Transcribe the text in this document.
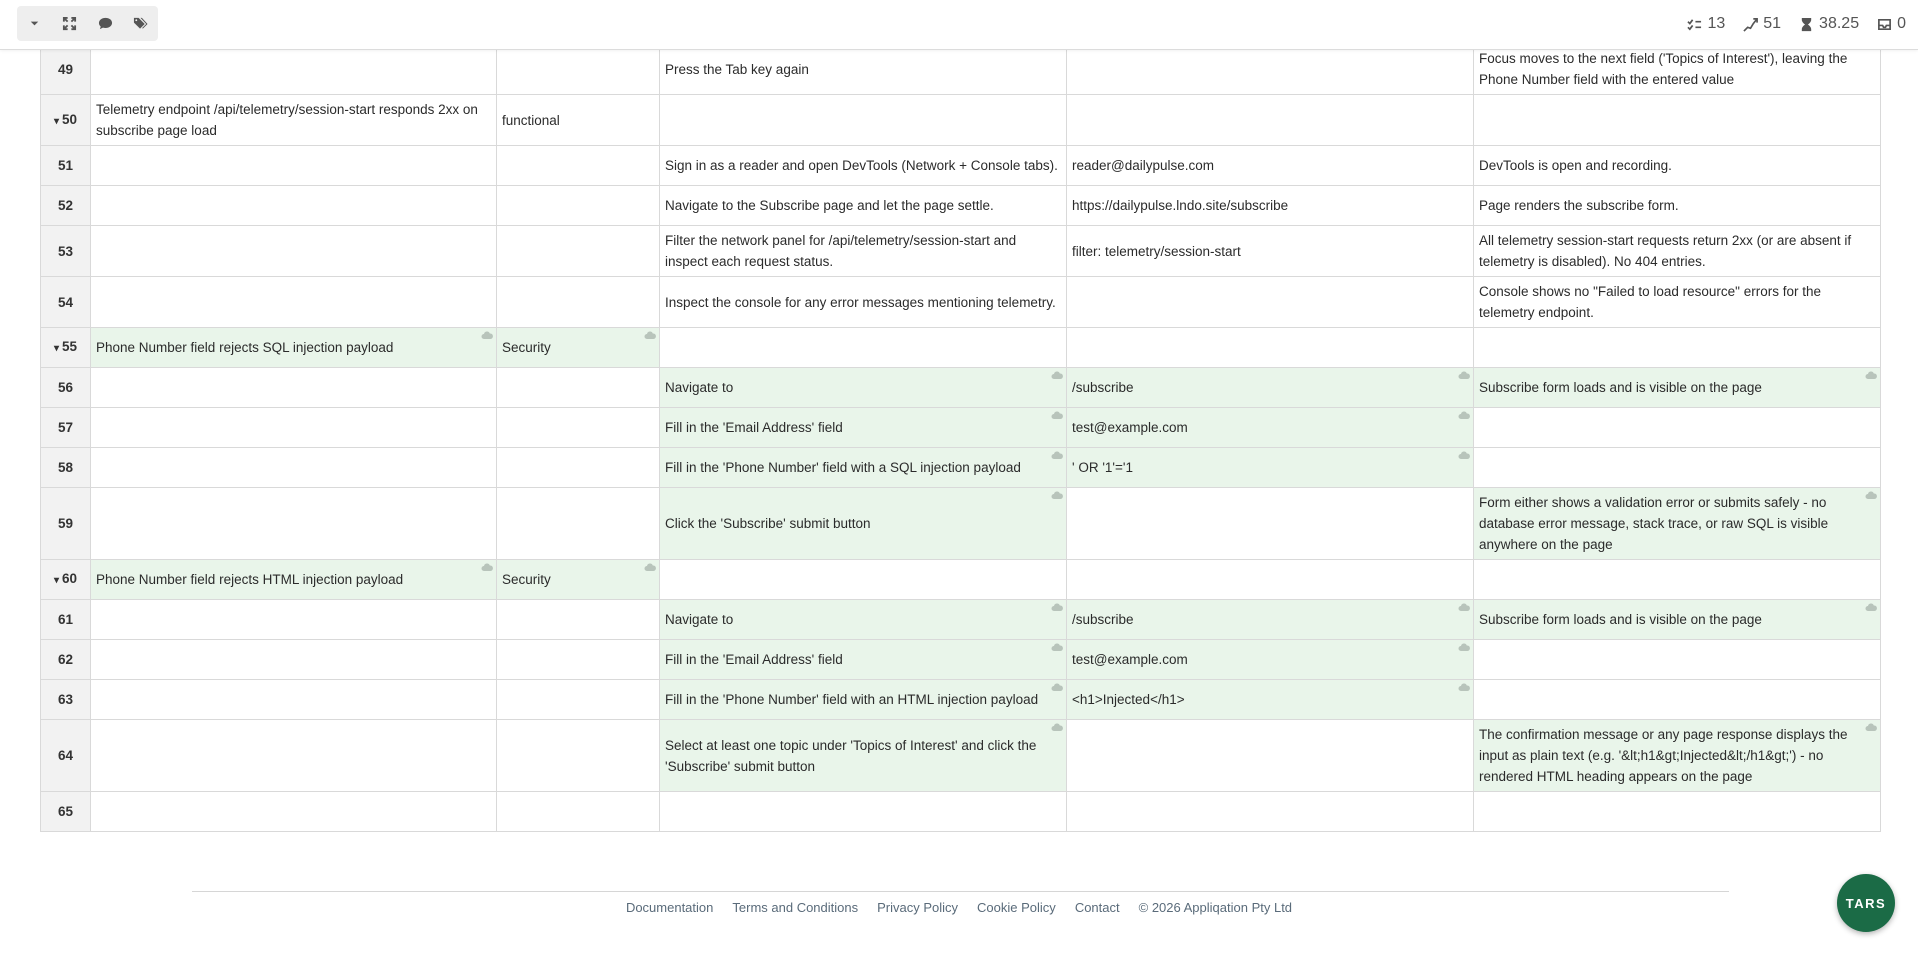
13 51 38.25 0
49			Press the Tab key again		Focus moves to the next field ('Topics of Interest'), leaving the Phone Number field with the entered value
▾ 50	Telemetry endpoint /api/telemetry/session-start responds 2xx on subscribe page load	functional			
51			Sign in as a reader and open DevTools (Network + Console tabs).	reader@dailypulse.com	DevTools is open and recording.
52			Navigate to the Subscribe page and let the page settle.	https://dailypulse.lndo.site/subscribe	Page renders the subscribe form.
53			Filter the network panel for /api/telemetry/session-start and inspect each request status.	filter: telemetry/session-start	All telemetry session-start requests return 2xx (or are absent if telemetry is disabled). No 404 entries.
54			Inspect the console for any error messages mentioning telemetry.		Console shows no "Failed to load resource" errors for the telemetry endpoint.
▾ 55	Phone Number field rejects SQL injection payload	Security			
56			Navigate to	/subscribe	Subscribe form loads and is visible on the page
57			Fill in the 'Email Address' field	test@example.com	
58			Fill in the 'Phone Number' field with a SQL injection payload	' OR '1'='1	
59			Click the 'Subscribe' submit button		Form either shows a validation error or submits safely - no database error message, stack trace, or raw SQL is visible anywhere on the page
▾ 60	Phone Number field rejects HTML injection payload	Security			
61			Navigate to	/subscribe	Subscribe form loads and is visible on the page
62			Fill in the 'Email Address' field	test@example.com	
63			Fill in the 'Phone Number' field with an HTML injection payload	<h1>Injected</h1>	
64			Select at least one topic under 'Topics of Interest' and click the 'Subscribe' submit button		The confirmation message or any page response displays the input as plain text (e.g. '&lt;h1&gt;Injected&lt;/h1&gt;') - no rendered HTML heading appears on the page
65					
Documentation Terms and Conditions Privacy Policy Cookie Policy Contact © 2026 Appliqation Pty Ltd	TARS
